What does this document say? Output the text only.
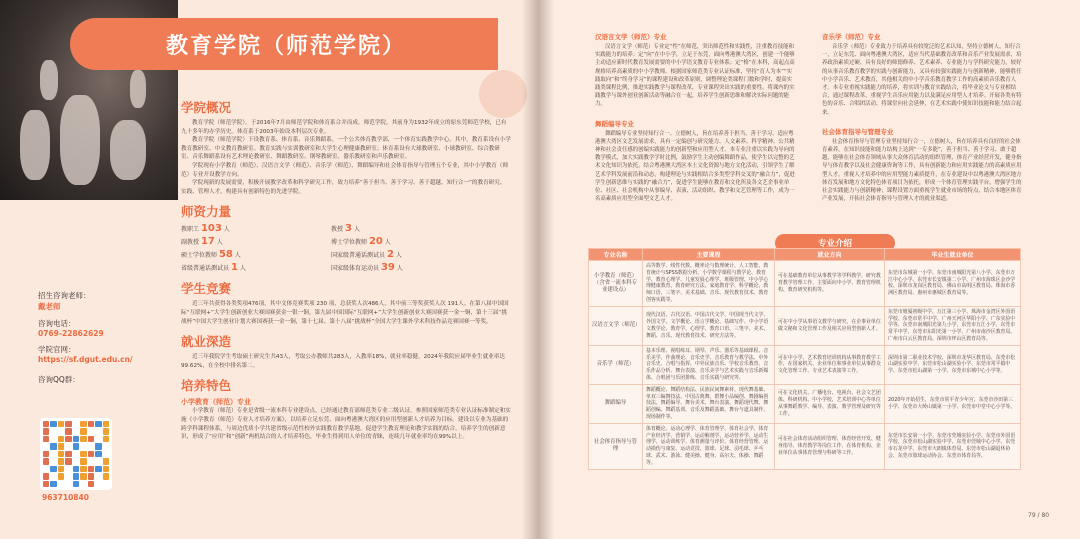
教育学院（师范学院）
学院概况

教育学院（师范学院），于2016年7月由师范学院和体育系合并而成。师范学院，其前身为1932年成立的原东莞师范学校，已有九十多年的办学历史。体育系于2003年始设本科层次专业。

教育学院（师范学院）下设教育系、体育系、音乐舞蹈系，一个公共体育教学部，一个体育实践教学中心。其中，教育系设有小学教育教研室、中文教育教研室、教育实践与实训教研室和大学生心理健康教研室；体育系设有大球教研室、小球教研室、综合教研室、音乐舞蹈系设有艺术理论教研室、舞蹈教研室、钢琴教研室、器乐教研室和声乐教研室。

学院现有小学教育（师范）、汉语言文学（师范）、音乐学（师范）、舞蹈编导和社会体育指导与管理五个专业，其中小学教育（师范）专业开设教学方向。

学院现新的发展需要，积极开展教学改革和科学研究工作，致力培养“善于担当、善于学习、善于超越、知行合一”的教育研究、实践、管理人才，构建具有创新特色的先进学院。

师资力量
教职工 103 人	教授 3 人
副教授 17 人	博士学位教师 20 人
硕士学位教师 58 人	国家级普通话测试员 2 人
省级普通话测试员 1 人	国家级体育运动员 39 人
学生竞赛

近三年共获得各类奖项476项，其中文体竞赛奖项 230 项，总获奖人次486人，其中前三等奖获奖人次 191人。在第八届中国国际“互联网+”大学生创新创业大赛国赛获金一银一铜，第九届中国国际“互联网+”大学生创新创业大赛国赛获一金一铜，第十三届“挑战杯”中国大学生创业计划大赛国赛获一金一铜，第十七届、第十八届“挑战杯”全国大学生课外学术科技作品竞赛国赛一等奖。

就业深造

近三年我院学生考取硕士研究生共43人，考取公办教师共283人，入教率18%，就业率稳健，2024年我院应届毕业生就业率达99.62%，在全校中排名第二。

培养特色
小学教育（师范）专业

小学教育（师范）专业是省级一流本科专业建设点，已经通过教育部师范类专业二级认证，参照国家师范类专业认证标准制定和实施《小学教育（师范）专业人才培养方案》，以培养立足东莞、面向粤港澳大湾区的应用型创新人才培养为目标。建设以专业为基础的跨学科课程体系，与周边优质小学共建省级示范性校外实践教育教学基地，促进学生教育理论和教学实践的结合，培养学生的创新意识，形成了“应用”和“创新”两机结合的人才培养特色，毕业生得到用人单位的青睐，连续几年就业率均在99%以上。

招生咨询老师：
戴老师
咨询电话：
0769-22862629
学院官网：
https://sf.dgut.edu.cn/
咨询QQ群：
963710840
汉语言文学（师范）专业

汉语言文学（师范）专业定“性”在师范，突出师范性和实践性，注重教育技能和实践能力的培养；定“向”在中小学，立足于东莞，面向粤港澳大湾区，创建一个能够主动适应新时代教育发展需要的中小学语文教育专业体系；定“格”在本科，高起点高规格培养高素质的中小学教师。根据国家师范类专业认证标准，坚持“育人为本”“实践取向”和“终身学习”的课程建设和改革原则，调整理论类课程门数和学时，提高实践类课程比例，推进实践教学与课程改革，专业课程突出实践的重要性，将课内的实践教学与课外创业创新活动等融合在一起，培养学生创新思维和解决实际问题的能力。

舞蹈编导专业

舞蹈编导专业坚持知行合一、立德树人，旨在培养善于担当、善于学习、适应粤港澳大湾区文艺发展需求，具有一定编创与研究能力、人文素养、科学精神、公共精神和社会责任感的创编实践能力的创新型和应用型人才。本专业注重以实践为导向的教学模式，加大实践教学学时比例，鼓励学生主动创编舞蹈作品，使学生以完整的艺术文化知识为依托，结合粤港澳大湾区本土文化资源与地方文化活动，引领学生了解艺术学科发展前沿和动态，构建理论与实践相结合多类型学科交叉的“融合力”，促进学生创新思维与实践的“融合力”，促进学生能够在教育和文化所及各文艺企事业单位、社区、社会机构中从事编导、表演、活动组织、教学和文艺管理等工作，成为一名高素质应用型全面型文艺人才。

音乐学（师范）专业

音乐学（师范）专业致力于培养具有较宽泛的艺术认知，坚持立德树人，知行合一，立足东莞、面向粤港澳大湾区，适应当代基础教育改革和音乐产业发展需求，培养政治素质过硬、具有良好的师德修养、艺术素养、专业能力与学科研究能力，较好的从事音乐教育教学的实践与创新能力，又具有较强实践能力与创新精神，能够胜任中小学音乐、艺术教育，其他相关的中小学音乐教育教学工作的高素质音乐教育人才。本专业重视实践能力的培养，将实训与教育实践结合，将毕业论文与专业相结合，通过课程改革，重视学生音乐应用能力以及满足应用型人才培养。开展各类有特色的音乐、合唱团活动、将课堂向社会延伸，在艺术实践中使知识技能和能力结合起来。

社会体育指导与管理专业

社会体育指导与管理专业坚持知行合一，立德树人，旨在培养具有良好的社会体育素养，在知识技能和能力结构上达到“一专多能”，善于担当、善于学习、敢于超越，能够在社会体育领域从事大众体育活动的组织管理、体育产业经营开发，健身指导与体育教学以及社会健康咨询等工作，具有创新能力和应用实践能力的高素质应用型人才。重视人才培养中的应用型能力素质提升，在专业建设中以粤港澳大湾区地方体育发展和地方文化特色体育项目为依托，形成一个体育管理实践平台，增强学生的社会实践能力与创新精神；课程设置方面重视学生就业市场的特点，结合本地区体育产业发展，开拓社会体育指导与管理人才的就业渠道。

专业介绍
专业名称	主要课程	就业方向	毕业生就业单位
小学教育（师范）（含省一流本科专业建设点）	高等数学、线性代数、概率论与数理统计、人工智能、教育统计与SPSS数据分析、小学数学课程与教学论、教育学、教育心理学、儿童发展心理学、班级管理、中小学心理健康教育、教育研究方法、家庭教育学、科学概论、教师口语、三笔字、美术基础、音乐、现代教育技术、教育创客实践等。	可在基础教育单位从事教学等学科教学，研究教育教学管理工作，主要面向中小学、教育管理机构、教育研究机构等。	东莞市东城第一小学、东莞市南城阳光第八小学、东莞市万江中心小学、东莞市长安镇第二小学、广州市海珠区金沙学校、深圳市龙岗区教育局、佛山市高明区教育局、珠海市香洲区教育局、惠州市惠城区教育局等。
汉语言文学（师范）	现代汉语、古代汉语、中国古代文学、中国现当代文学、外国文学、文学概论、语言学概论、基础写作、中小学语文教学论、教育学、心理学、教育口语、三笔字、美术、舞蹈、音乐、现代教育技术、研究方法等。	可在中小学从事语文教学与研究，在企事业单位做文秘和文化管理工作及相关应用型创新人才。	东莞市塘厦初级中学、万江第三小学、珠海市金湾区外国语学校、东莞市常平中学、广州天河区华阳小学、广东实验中学等、东莞市南城阳光第九小学、东莞市万江小学、东莞市常平中学、东莞市东阳光第一小学、广州市南沙区教育局、广州市白云区教育局、深圳市坪山区教育局等。
音乐学（师范）	基本乐理、视唱练耳、钢琴、声乐、器乐等基础课程、音乐美学、作曲理论、音乐史学、音乐教育与教学法、中外音乐史、合唱与指挥、中外民族音乐、学校音乐教育、音乐作品分析、舞台表演、音乐美学与艺术实践与音乐新媒体、合唱团与乐团排练、音乐实践与研究等。	可在中小学、艺术教育培训机构从事教育教学工作，在国家机关、企业单位和事业单位从事群众文化管理工作、专业艺术表演等工作。	深圳市第二职业技术学校、深圳市龙华区教育局、东莞市松山湖实验中学、东莞市松山湖实验小学、东莞市常平镇中学、东莞市松山湖第一小学、东莞市东城中心小学等。
舞蹈编导	舞蹈概论、舞蹈结构法、民族民间舞素材、现代舞基础、单双三编舞技法、中国古典舞、群舞小品编创、舞剧编创技法、舞蹈编导、舞台美术、舞台表演、舞蹈现代舞、舞蹈创编、舞蹈基训、音乐及舞蹈基础、舞台与道具制作、现场制作等。	可在文化机关、广播电台、电视台、社会文艺团体、科研机构、中小学校、艺术培训中心等单位从事舞蹈教学、编导、表演、教学管理及研究等工作。	2020年开始招生，东莞市常平青少年宫、东莞市沙田第三小学、东莞市大岭山镇第一小学、东莞市中堂中心小学等。
社会体育指导与管理	体育概论、运动心理学、体育管理学、体育社会学、体育产业经济学、营销学、运动解剖学、运动营养学、运动生理学、运动训练学、体育测量与评价、体育经营管理、运动损伤与康复、运动竞技、篮球、足球、羽毛球、乒乓球、武术、游泳、健美操、健身、高尔夫、体操、舞蹈等。	可在社会体育活动组织管理、体育经营开发、健身指导、体育教学等岗位工作，在体育机构、企业单位从事体育管理与科研等工作。	东莞市长安第一小学、东莞市莞城实验小学、东莞市外国语学校、东莞市松山湖实验中学、东莞市莞城中心小学、东莞市石龙中学、东莞市大朗镇体育局、东莞市松山湖退休协会、东莞市篮球运动协会、东莞市体育局等。
79 / 80
